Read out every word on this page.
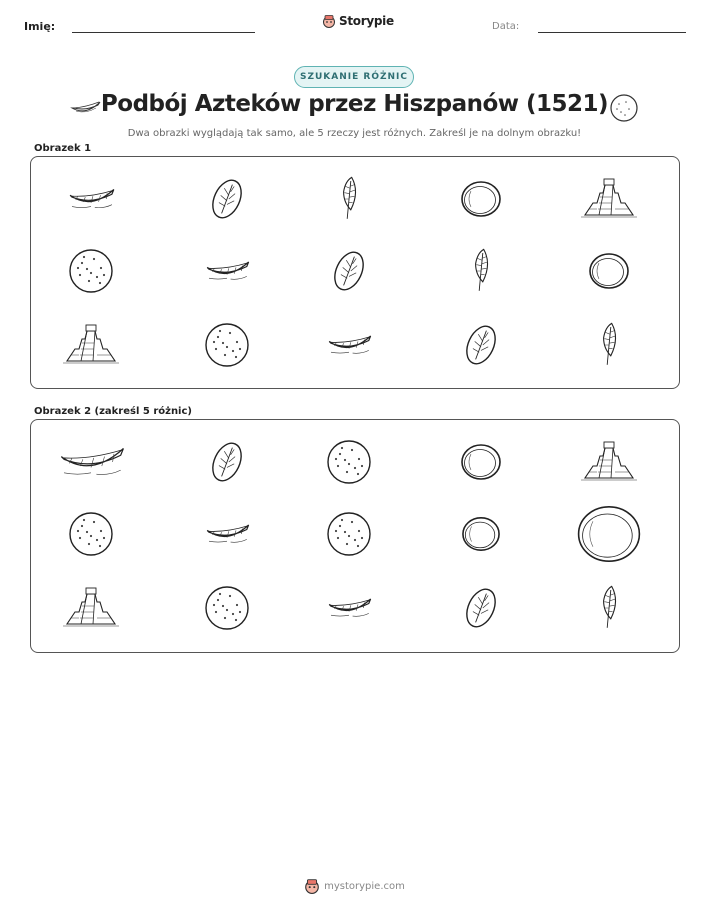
Imię:	Storypie	Data:
SZUKANIE RÓŻNIC
Podbój Azteków przez Hiszpanów (1521)
Dwa obrazki wyglądają tak samo, ale 5 rzeczy jest różnych. Zakreśl je na dolnym obrazku!
Obrazek 1
Obrazek 2 (zakreśl 5 różnic)
mystorypie.com
